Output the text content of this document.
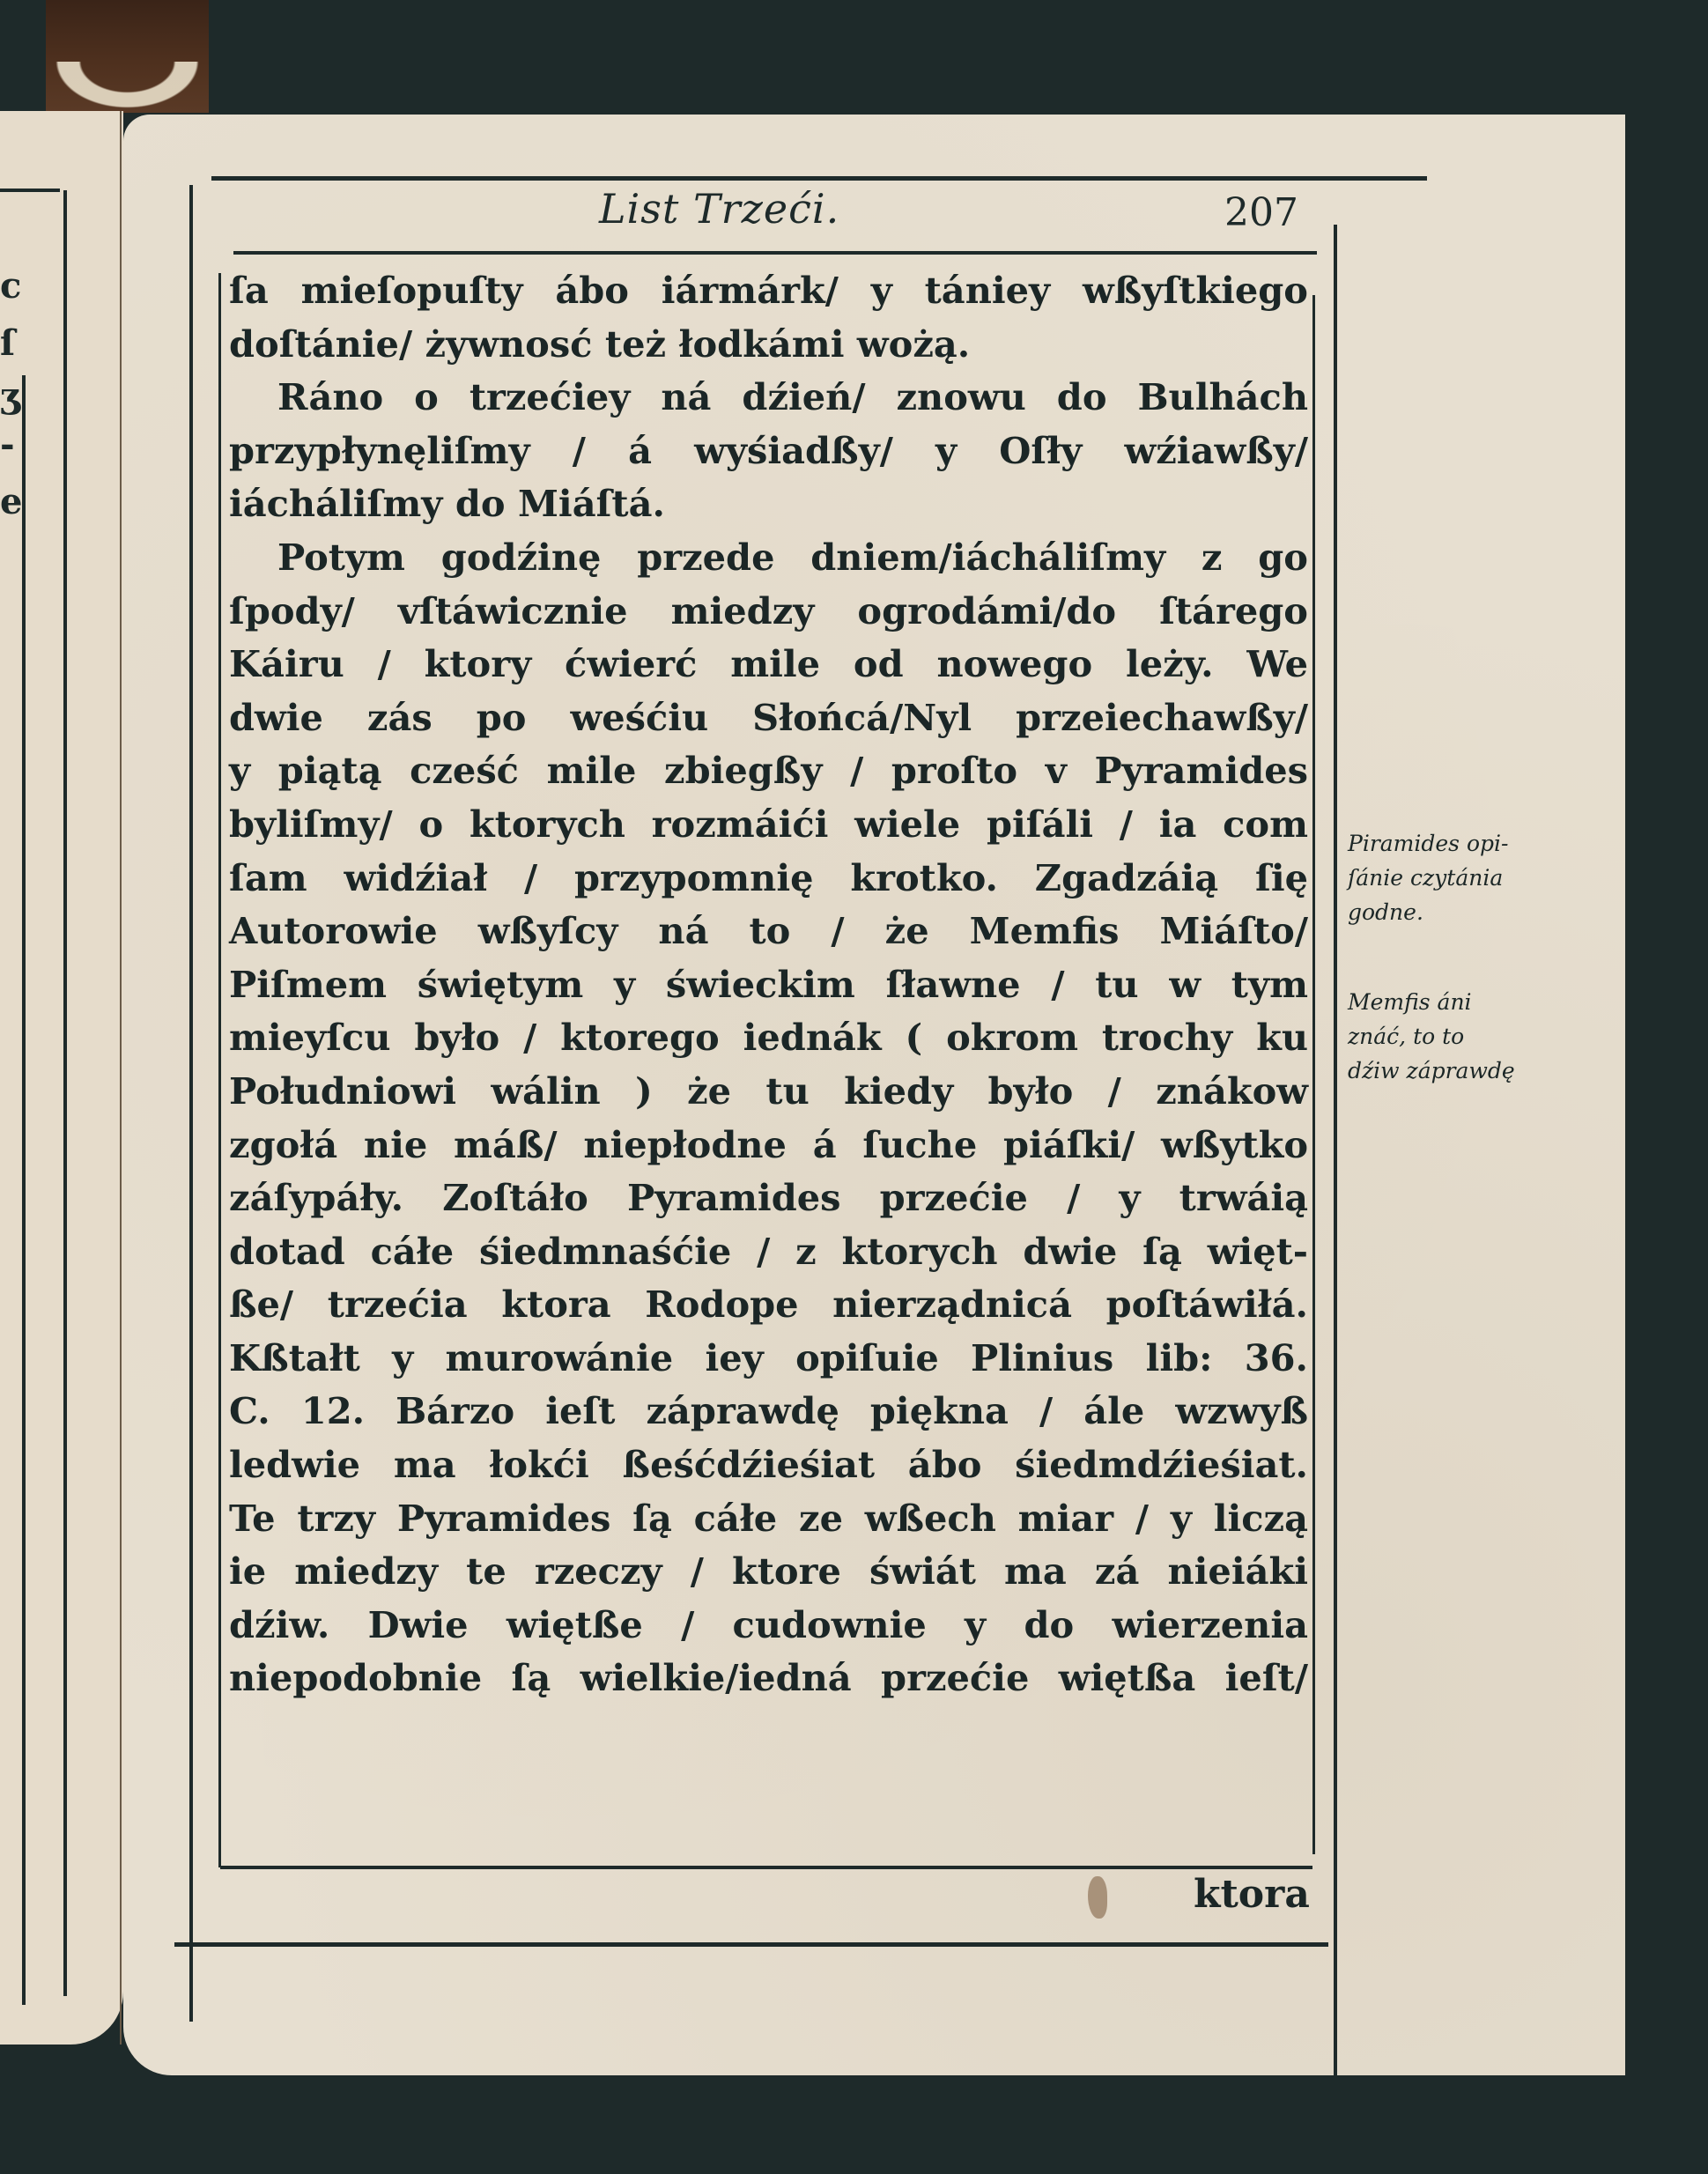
c
ſ
ʒ
-
e
List Trzeći.	207
ſa mieſopuſty ábo iármárk/ y tániey wßyſtkiego
doſtánie/ żywnosć też łodkámi wożą.
Ráno o trzećiey ná dźień/ znowu do Bulhách
przypłynęliſmy / á wyśiadßy/ y Oſły wźiawßy/
iácháliſmy do Miáſtá.
Potym godźinę przede dniem/iácháliſmy z go
ſpody/ vſtáwicznie miedzy ogrodámi/do ſtárego
Káiru / ktory ćwierć mile od nowego leży. We
dwie zás po weśćiu Słońcá/Nyl przeiechawßy/
y piątą cześć mile zbiegßy / proſto v Pyramides
byliſmy/ o ktorych rozmáići wiele piſáli / ia com
ſam widźiał / przypomnię krotko. Zgadzáią ſię
Autorowie wßyſcy ná to / że Memfis Miáſto/
Piſmem świętym y świeckim ſławne / tu w tym
mieyſcu było / ktorego iednák ( okrom trochy ku
Południowi wálin ) że tu kiedy było / znákow
zgołá nie máß/ niepłodne á ſuche piáſki/ wßytko
záſypáły. Zoſtáło Pyramides przećie / y trwáią
dotad cáłe śiedmnaśćie / z ktorych dwie ſą więt-
ße/ trzećia ktora Rodope nierządnicá poſtáwiłá.
Kßtałt y murowánie iey opiſuie Plinius lib: 36.
C. 12. Bárzo ieſt záprawdę piękna / ále wzwyß
ledwie ma łokći ßeśćdźieśiat ábo śiedmdźieśiat.
Te trzy Pyramides ſą cáłe ze wßech miar / y liczą
ie miedzy te rzeczy / ktore świát ma zá nieiáki
dźiw. Dwie więtße / cudownie y do wierzenia
niepodobnie ſą wielkie/iedná przećie więtßa ieſt/
ktora
Piramides opi-
ſánie czytánia
godne.
Memfis áni
znáć, to to
dźiw záprawdę
